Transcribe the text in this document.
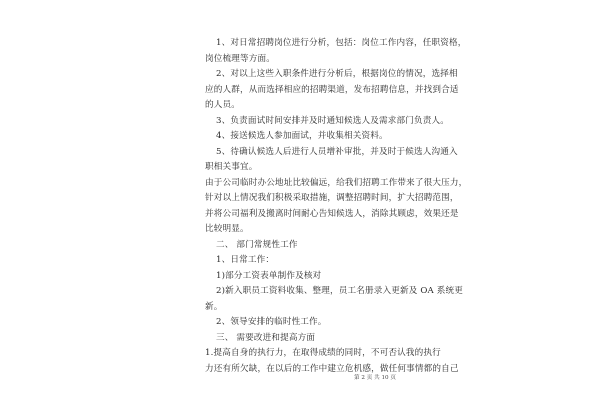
1、对日常招聘岗位进行分析，包括：岗位工作内容，任职资格，
岗位梳理等方面。
2、对以上这些入职条件进行分析后，根据岗位的情况，选择相
应的人群，从而选择相应的招聘渠道，发布招聘信息，并找到合适
的人员。
3、负责面试时间安排并及时通知候选人及需求部门负责人。
4、接送候选人参加面试，并收集相关资料。
5、待确认候选人后进行人员增补审批，并及时于候选人沟通入
职相关事宜。
由于公司临时办公地址比较偏远，给我们招聘工作带来了很大压力，
针对以上情况我们积极采取措施，调整招聘时间，扩大招聘范围，
并将公司福利及搬离时间耐心告知候选人，消除其顾虑，效果还是
比较明显。
二、 部门常规性工作
1、日常工作：
1)部分工资表单制作及核对
2)新入职员工资料收集、整理，员工名册录入更新及 OA 系统更
新。
2、领导安排的临时性工作。
三、 需要改进和提高方面
1.提高自身的执行力，在取得成绩的同时，不可否认我的执行
力还有所欠缺，在以后的工作中建立危机感，做任何事情都的自己
第 2 页 共 10 页
